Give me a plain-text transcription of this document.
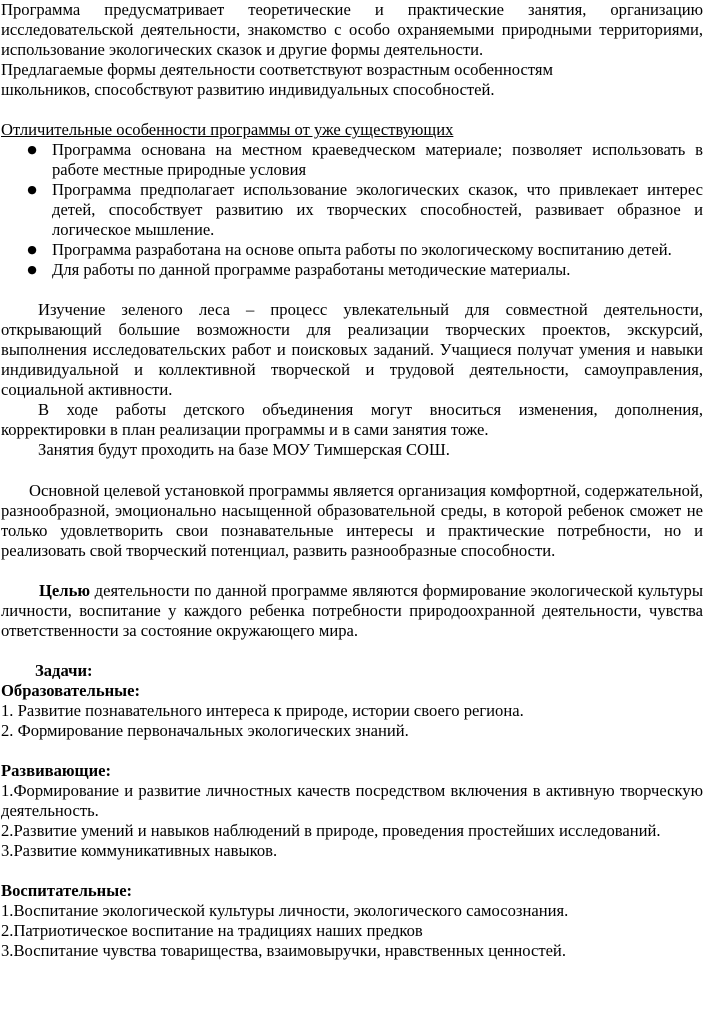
Программа предусматривает теоретические и практические занятия, организацию исследовательской деятельности, знакомство с особо охраняемыми природными территориями, использование экологических сказок и другие формы деятельности.

Предлагаемые формы деятельности соответствуют возрастным особенностям

школьников, способствуют развитию индивидуальных способностей.

Отличительные особенности программы от уже существующих

● Программа основана на местном краеведческом материале; позволяет использовать в работе местные природные условия
● Программа предполагает использование экологических сказок, что привлекает интерес детей, способствует развитию их творческих способностей, развивает образное и логическое мышление.
● Программа разработана на основе опыта работы по экологическому воспитанию детей.
● Для работы по данной программе разработаны методические материалы.

Изучение зеленого леса – процесс увлекательный для совместной деятельности, открывающий большие возможности для реализации творческих проектов, экскурсий, выполнения исследовательских работ и поисковых заданий. Учащиеся получат умения и навыки индивидуальной и коллективной творческой и трудовой деятельности, самоуправления, социальной активности.

В ходе работы детского объединения могут вноситься изменения, дополнения, корректировки в план реализации программы и в сами занятия тоже.

Занятия будут проходить на базе МОУ Тимшерская СОШ.

Основной целевой установкой программы является организация комфортной, содержательной, разнообразной, эмоционально насыщенной образовательной среды, в которой ребенок сможет не только удовлетворить свои познавательные интересы и практические потребности, но и реализовать свой творческий потенциал, развить разнообразные способности.

Целью деятельности по данной программе являются формирование экологической культуры личности, воспитание у каждого ребенка потребности природоохранной деятельности, чувства ответственности за состояние окружающего мира.

Задачи:

Образовательные:

1. Развитие познавательного интереса к природе, истории своего региона.

2. Формирование первоначальных экологических знаний.

Развивающие:

1.Формирование и развитие личностных качеств посредством включения в активную творческую деятельность.

2.Развитие умений и навыков наблюдений в природе, проведения простейших исследований.

3.Развитие коммуникативных навыков.

Воспитательные:

1.Воспитание экологической культуры личности, экологического самосознания.

2.Патриотическое воспитание на традициях наших предков

3.Воспитание чувства товарищества, взаимовыручки, нравственных ценностей.
